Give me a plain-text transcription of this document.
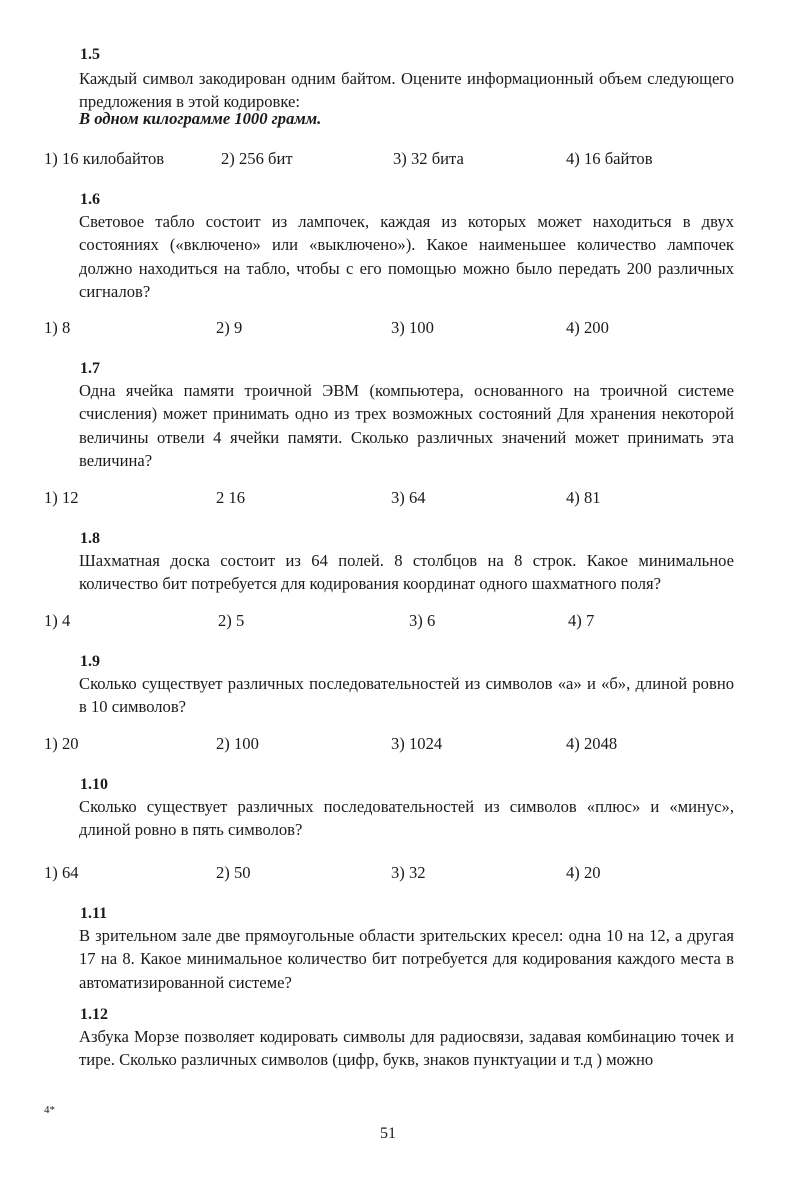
1.5
Каждый символ закодирован одним байтом. Оцените информационный объем следующего предложения в этой кодировке:
В одном килограмме 1000 грамм.
1) 16 килобайтов	2) 256 бит	3) 32 бита	4) 16 байтов
1.6
Световое табло состоит из лампочек, каждая из которых может находиться в двух состояниях («включено» или «выключено»). Какое наименьшее количество лампочек должно находиться на табло, чтобы с его помощью можно было передать 200 различных сигналов?
1) 8	2) 9	3) 100	4) 200
1.7
Одна ячейка памяти троичной ЭВМ (компьютера, основанного на троичной системе счисления) может принимать одно из трех возможных состояний Для хранения некоторой величины отвели 4 ячейки памяти. Сколько различных значений может принимать эта величина?
1) 12	2 16	3) 64	4) 81
1.8
Шахматная доска состоит из 64 полей. 8 столбцов на 8 строк. Какое минимальное количество бит потребуется для кодирования координат одного шахматного поля?
1) 4	2) 5	3) 6	4) 7
1.9
Сколько существует различных последовательностей из символов «а» и «б», длиной ровно в 10 символов?
1) 20	2) 100	3) 1024	4) 2048
1.10
Сколько существует различных последовательностей из символов «плюс» и «минус», длиной ровно в пять символов?
1) 64	2) 50	3) 32	4) 20
1.11
В зрительном зале две прямоугольные области зрительских кресел: одна 10 на 12, а другая 17 на 8. Какое минимальное количество бит потребуется для кодирования каждого места в автоматизированной системе?
1.12
Азбука Морзе позволяет кодировать символы для радиосвязи, задавая комбинацию точек и тире. Сколько различных символов (цифр, букв, знаков пунктуации и т.д ) можно
4*
51
